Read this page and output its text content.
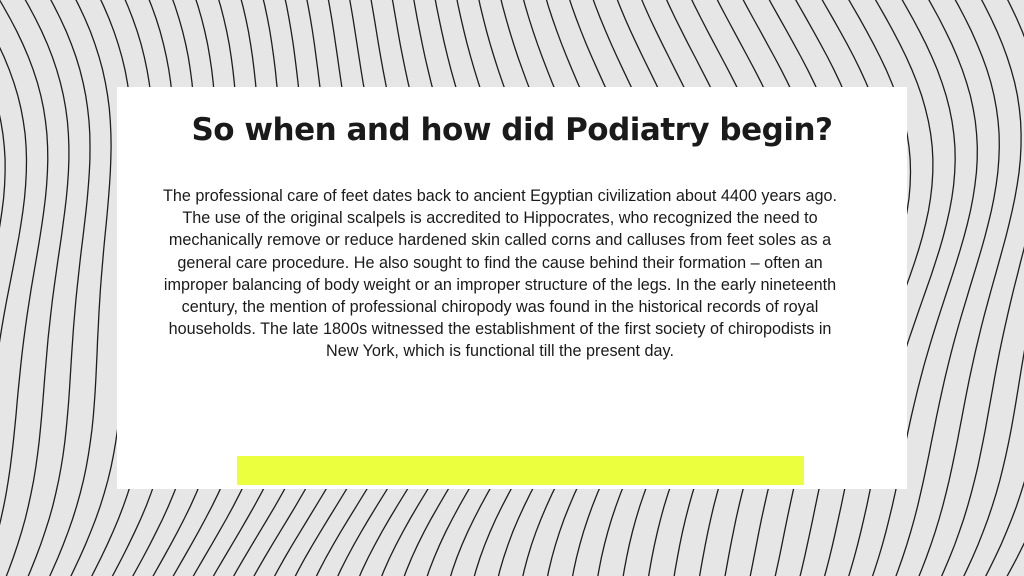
So when and how did Podiatry begin?

The professional care of feet dates back to ancient Egyptian civilization about 4400 years ago. The use of the original scalpels is accredited to Hippocrates, who recognized the need to mechanically remove or reduce hardened skin called corns and calluses from feet soles as a general care procedure. He also sought to find the cause behind their formation – often an improper balancing of body weight or an improper structure of the legs. In the early nineteenth century, the mention of professional chiropody was found in the historical records of royal households. The late 1800s witnessed the establishment of the first society of chiropodists in New York, which is functional till the present day.
